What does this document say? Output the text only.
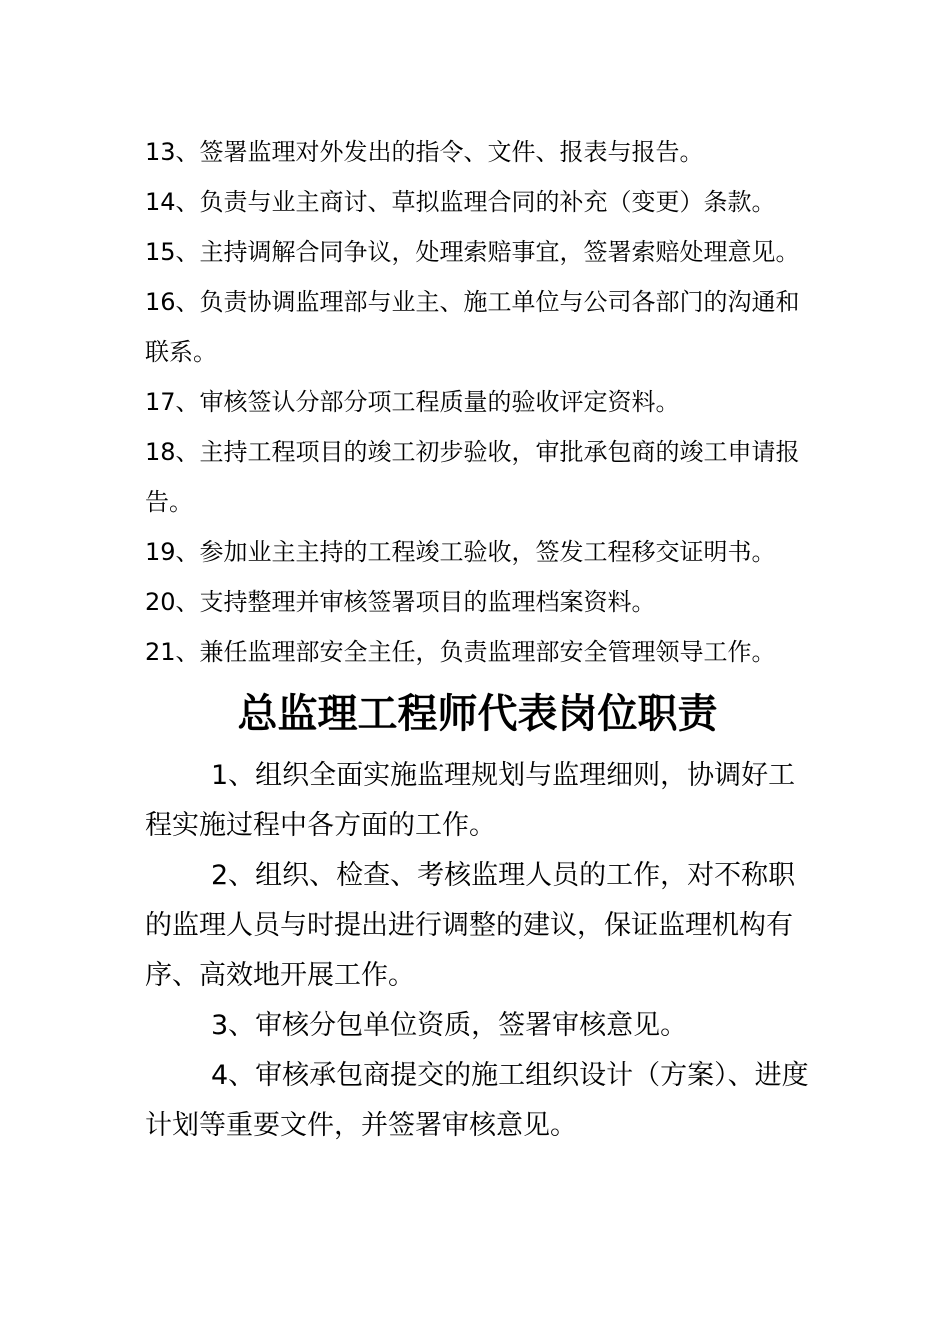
13、签署监理对外发出的指令、文件、报表与报告。

14、负责与业主商讨、草拟监理合同的补充（变更）条款。

15、主持调解合同争议，处理索赔事宜，签署索赔处理意见。

16、负责协调监理部与业主、施工单位与公司各部门的沟通和联系。

17、审核签认分部分项工程质量的验收评定资料。

18、主持工程项目的竣工初步验收，审批承包商的竣工申请报告。

19、参加业主主持的工程竣工验收，签发工程移交证明书。

20、支持整理并审核签署项目的监理档案资料。

21、兼任监理部安全主任，负责监理部安全管理领导工作。

总监理工程师代表岗位职责

1、组织全面实施监理规划与监理细则，协调好工程实施过程中各方面的工作。

2、组织、检查、考核监理人员的工作，对不称职的监理人员与时提出进行调整的建议，保证监理机构有序、高效地开展工作。

3、审核分包单位资质，签署审核意见。

4、审核承包商提交的施工组织设计（方案）、进度计划等重要文件，并签署审核意见。
